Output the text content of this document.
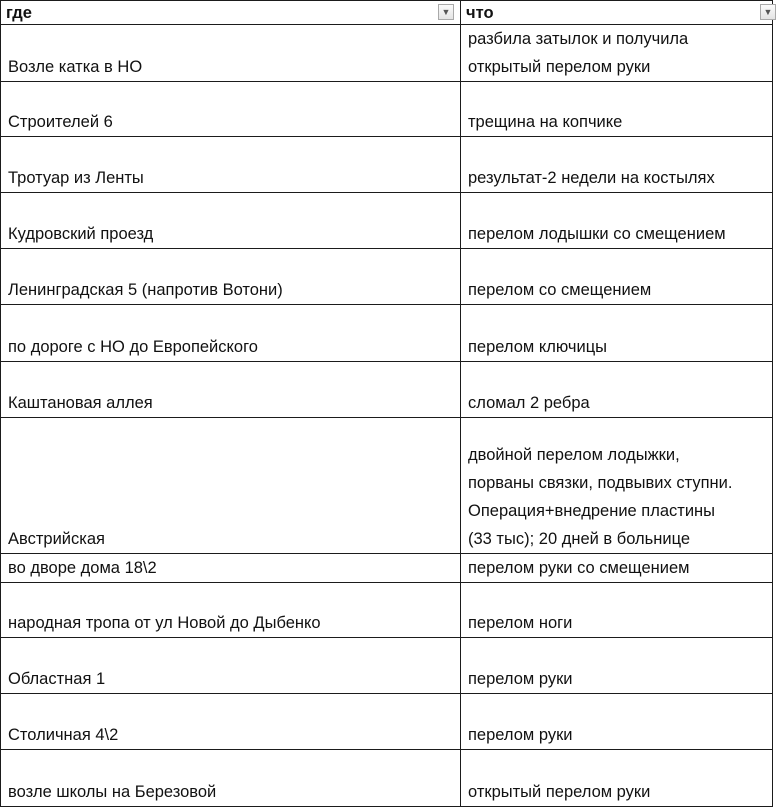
где ▼	что ▼

Возле катка в НО	разбила затылок и получила
открытый перелом руки

Строителей 6	трещина на копчике

Тротуар из Ленты	результат-2 недели на костылях

Кудровский проезд	перелом лодышки со смещением

Ленинградская 5 (напротив Вотони)	перелом со смещением

по дороге с НО до Европейского	перелом ключицы

Каштановая аллея	сломал 2 ребра

Австрийская	двойной перелом лодыжки,
порваны связки, подвывих ступни.
Операция+внедрение пластины
(33 тыс); 20 дней в больнице

во дворе дома 18\2	перелом руки со смещением

народная тропа от ул Новой до Дыбенко	перелом ноги

Областная 1	перелом руки

Столичная 4\2	перелом руки

возле школы на Березовой	открытый перелом руки
